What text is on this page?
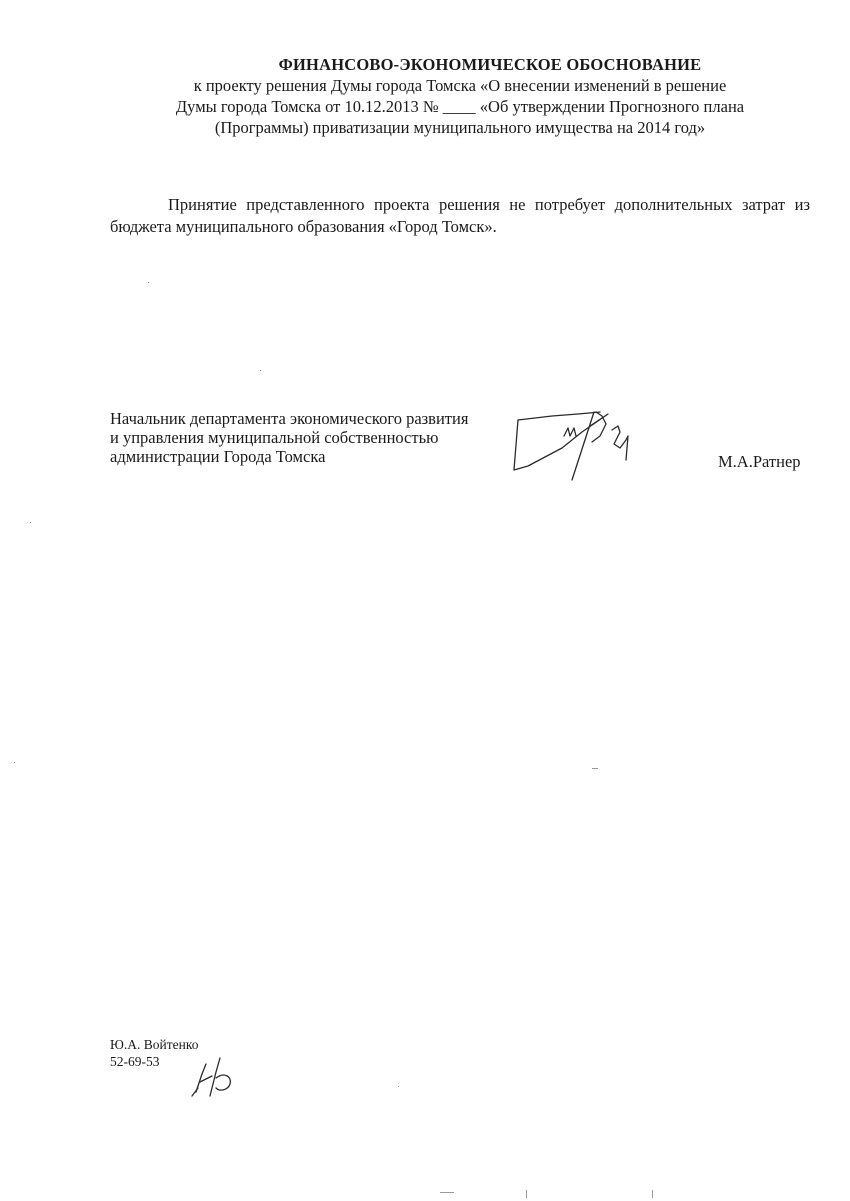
ФИНАНСОВО-ЭКОНОМИЧЕСКОЕ ОБОСНОВАНИЕ
к проекту решения Думы города Томска «О внесении изменений в решение
Думы города Томска от 10.12.2013 № ____ «Об утверждении Прогнозного плана
(Программы) приватизации муниципального имущества на 2014 год»
Принятие представленного проекта решения не потребует дополнительных затрат из бюджета муниципального образования «Город Томск».
Начальник департамента экономического развития
и управления муниципальной собственностью
администрации Города Томска	М.А.Ратнер
Ю.А. Войтенко
52-69-53
